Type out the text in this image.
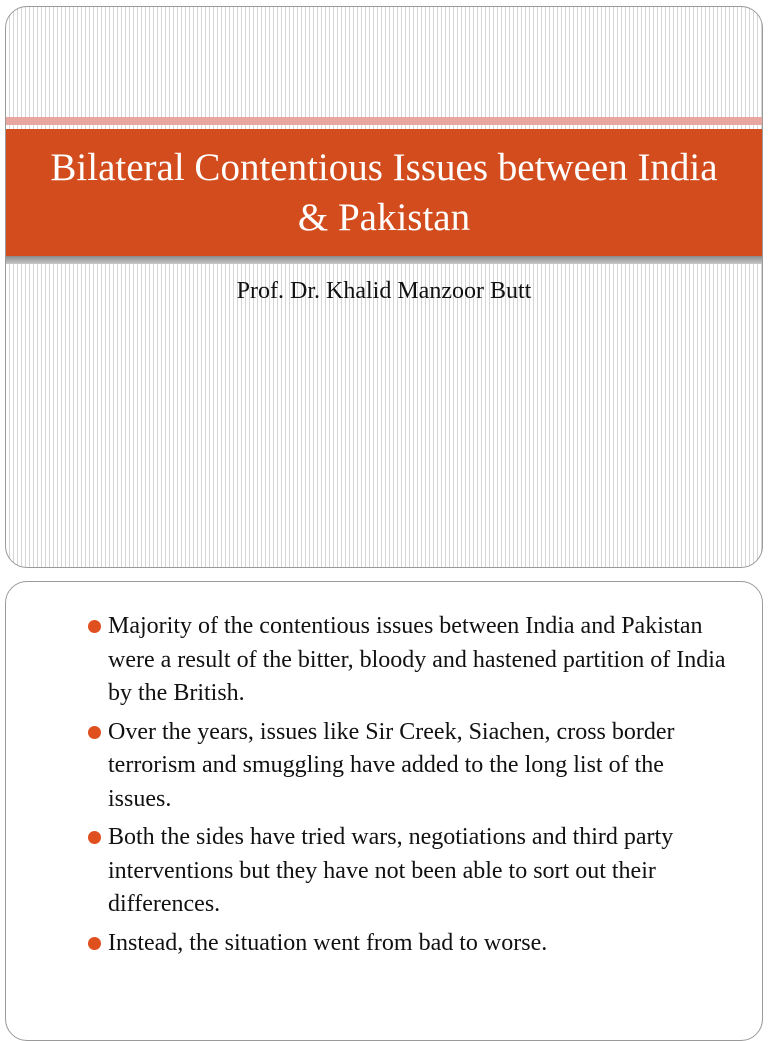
Bilateral Contentious Issues between India & Pakistan

Prof. Dr. Khalid Manzoor Butt

Majority of the contentious issues between India and Pakistan were a result of the bitter, bloody and hastened partition of India by the British.
Over the years, issues like Sir Creek, Siachen, cross border terrorism and smuggling have added to the long list of the issues.
Both the sides have tried wars, negotiations and third party interventions but they have not been able to sort out their differences.
Instead, the situation went from bad to worse.
